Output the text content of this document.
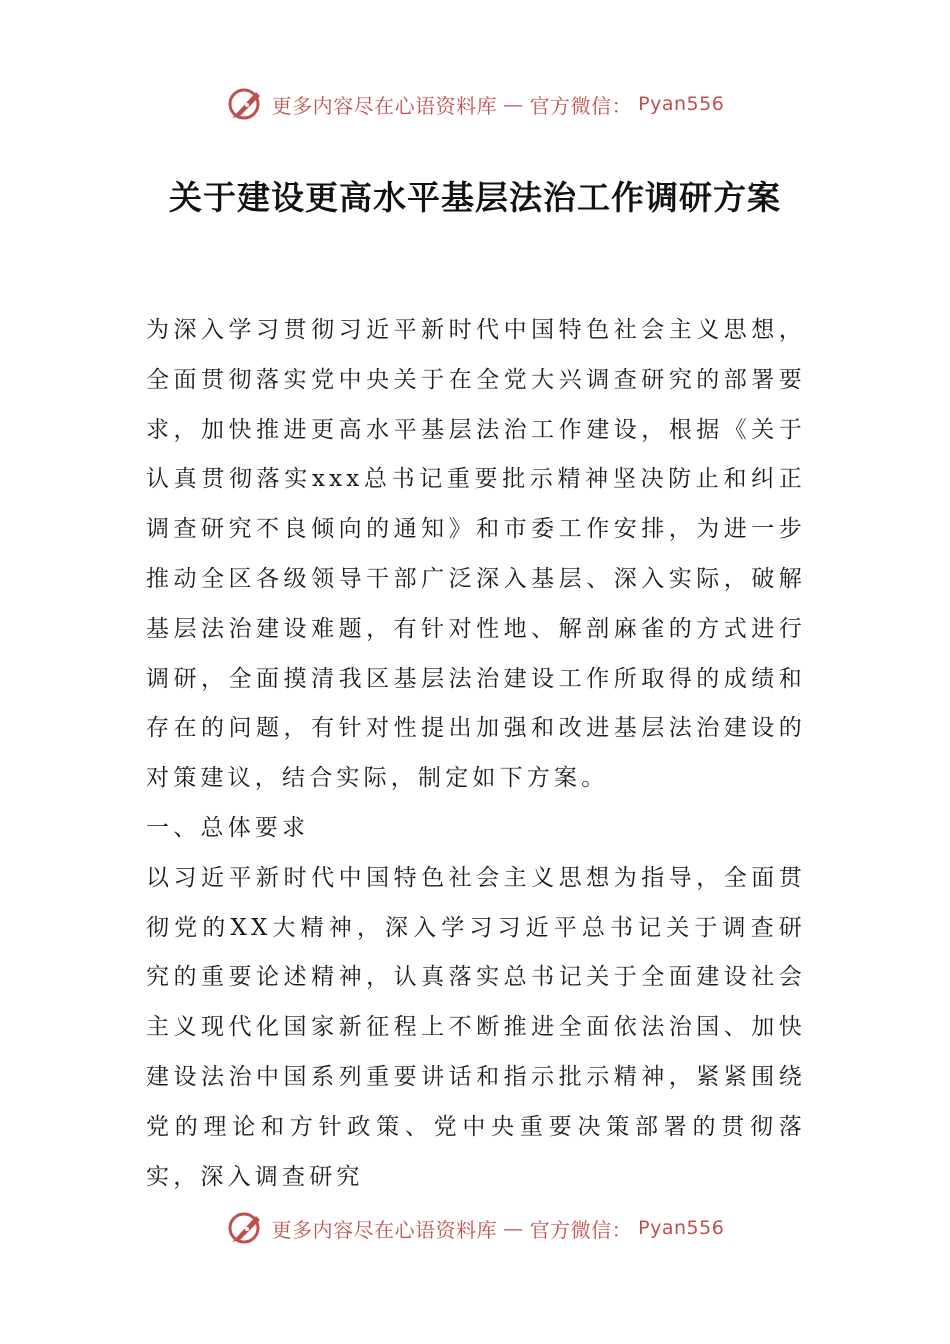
更多内容尽在心语资料库 — 官方微信： Pyan556
关于建设更高水平基层法治工作调研方案

为深入学习贯彻习近平新时代中国特色社会主义思想，全面贯彻落实党中央关于在全党大兴调查研究的部署要求，加快推进更高水平基层法治工作建设，根据《关于认真贯彻落实xxx总书记重要批示精神坚决防止和纠正调查研究不良倾向的通知》和市委工作安排，为进一步推动全区各级领导干部广泛深入基层、深入实际，破解基层法治建设难题，有针对性地、解剖麻雀的方式进行调研，全面摸清我区基层法治建设工作所取得的成绩和存在的问题，有针对性提出加强和改进基层法治建设的对策建议，结合实际，制定如下方案。

一、总体要求

以习近平新时代中国特色社会主义思想为指导，全面贯彻党的XX大精神，深入学习习近平总书记关于调查研究的重要论述精神，认真落实总书记关于全面建设社会主义现代化国家新征程上不断推进全面依法治国、加快建设法治中国系列重要讲话和指示批示精神，紧紧围绕党的理论和方针政策、党中央重要决策部署的贯彻落实，深入调查研究

更多内容尽在心语资料库 — 官方微信： Pyan556
